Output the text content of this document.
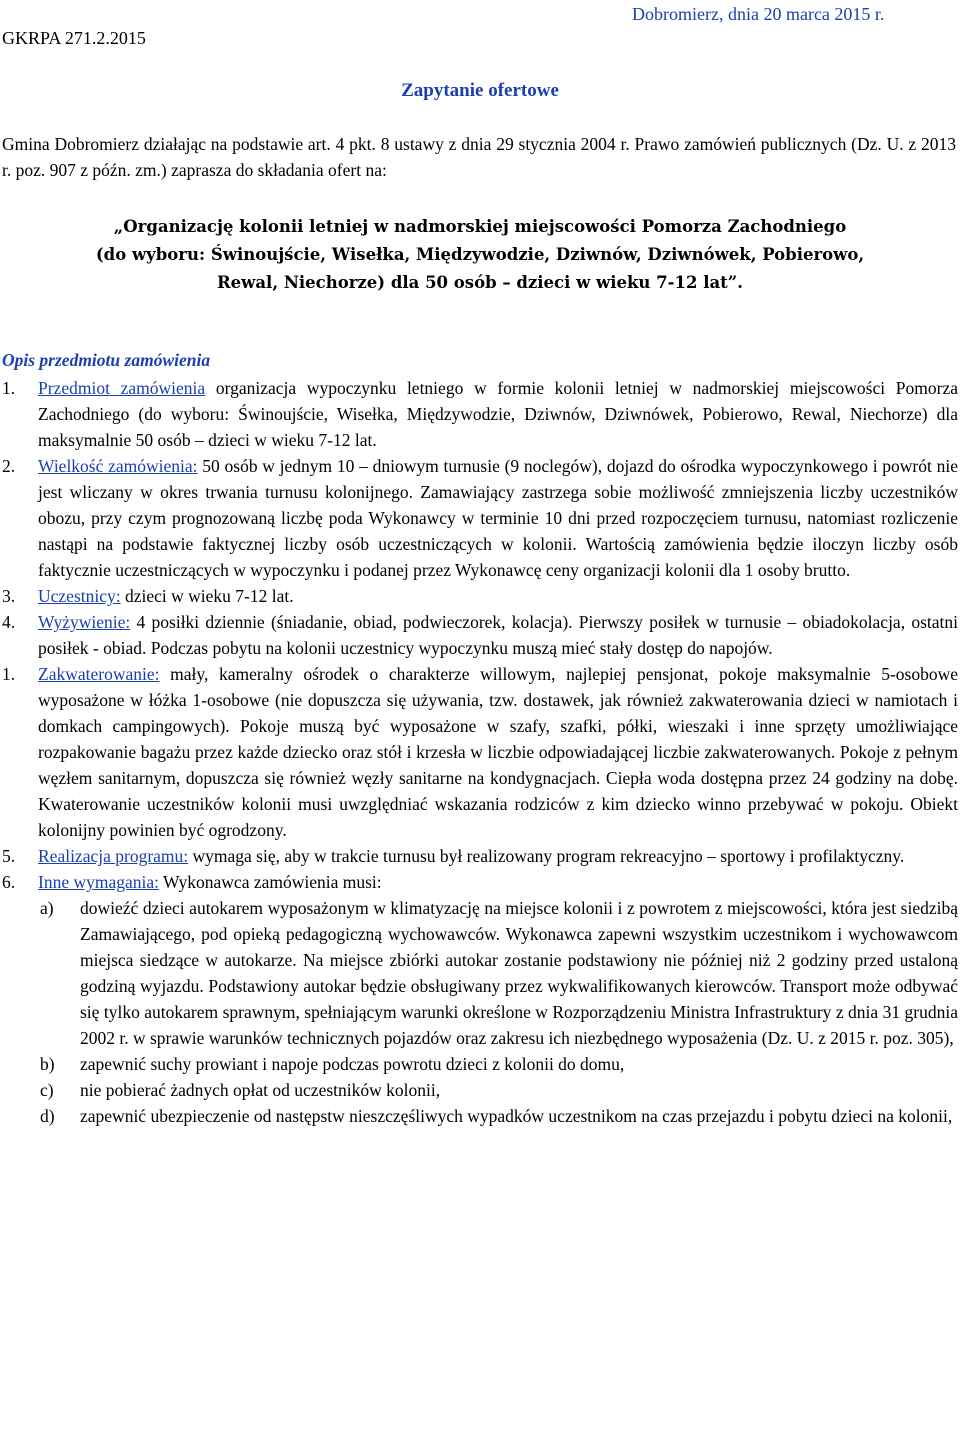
GKRPA 271.2.2015
Dobromierz, dnia 20 marca 2015 r.
Zapytanie ofertowe
Gmina Dobromierz działając na podstawie art. 4 pkt. 8 ustawy z dnia 29 stycznia 2004 r. Prawo zamówień publicznych (Dz. U. z 2013 r. poz. 907 z późn. zm.) zaprasza do składania ofert na:
„Organizację kolonii letniej w nadmorskiej miejscowości Pomorza Zachodniego
(do wyboru: Świnoujście, Wisełka, Międzywodzie, Dziwnów, Dziwnówek, Pobierowo,
Rewal, Niechorze) dla 50 osób – dzieci w wieku 7-12 lat”.
Opis przedmiotu zamówienia
1. Przedmiot zamówienia organizacja wypoczynku letniego w formie kolonii letniej w nadmorskiej miejscowości Pomorza Zachodniego (do wyboru: Świnoujście, Wisełka, Międzywodzie, Dziwnów, Dziwnówek, Pobierowo, Rewal, Niechorze) dla maksymalnie 50 osób – dzieci w wieku 7-12 lat.
2. Wielkość zamówienia: 50 osób w jednym 10 – dniowym turnusie (9 noclegów), dojazd do ośrodka wypoczynkowego i powrót nie jest wliczany w okres trwania turnusu kolonijnego. Zamawiający zastrzega sobie możliwość zmniejszenia liczby uczestników obozu, przy czym prognozowaną liczbę poda Wykonawcy w terminie 10 dni przed rozpoczęciem turnusu, natomiast rozliczenie nastąpi na podstawie faktycznej liczby osób uczestniczących w kolonii. Wartością zamówienia będzie iloczyn liczby osób faktycznie uczestniczących w wypoczynku i podanej przez Wykonawcę ceny organizacji kolonii dla 1 osoby brutto.
3. Uczestnicy: dzieci w wieku 7-12 lat.
4. Wyżywienie: 4 posiłki dziennie (śniadanie, obiad, podwieczorek, kolacja). Pierwszy posiłek w turnusie – obiadokolacja, ostatni posiłek - obiad. Podczas pobytu na kolonii uczestnicy wypoczynku muszą mieć stały dostęp do napojów.
1. Zakwaterowanie: mały, kameralny ośrodek o charakterze willowym, najlepiej pensjonat, pokoje maksymalnie 5-osobowe wyposażone w łóżka 1-osobowe (nie dopuszcza się używania, tzw. dostawek, jak również zakwaterowania dzieci w namiotach i domkach campingowych). Pokoje muszą być wyposażone w szafy, szafki, półki, wieszaki i inne sprzęty umożliwiające rozpakowanie bagażu przez każde dziecko oraz stół i krzesła w liczbie odpowiadającej liczbie zakwaterowanych. Pokoje z pełnym węzłem sanitarnym, dopuszcza się również węzły sanitarne na kondygnacjach. Ciepła woda dostępna przez 24 godziny na dobę. Kwaterowanie uczestników kolonii musi uwzględniać wskazania rodziców z kim dziecko winno przebywać w pokoju. Obiekt kolonijny powinien być ogrodzony.
5. Realizacja programu: wymaga się, aby w trakcie turnusu był realizowany program rekreacyjno – sportowy i profilaktyczny.
6. Inne wymagania: Wykonawca zamówienia musi:
a) dowieźć dzieci autokarem wyposażonym w klimatyzację na miejsce kolonii i z powrotem z miejscowości, która jest siedzibą Zamawiającego, pod opieką pedagogiczną wychowawców. Wykonawca zapewni wszystkim uczestnikom i wychowawcom miejsca siedzące w autokarze. Na miejsce zbiórki autokar zostanie podstawiony nie później niż 2 godziny przed ustaloną godziną wyjazdu. Podstawiony autokar będzie obsługiwany przez wykwalifikowanych kierowców. Transport może odbywać się tylko autokarem sprawnym, spełniającym warunki określone w Rozporządzeniu Ministra Infrastruktury z dnia 31 grudnia 2002 r. w sprawie warunków technicznych pojazdów oraz zakresu ich niezbędnego wyposażenia (Dz. U. z 2015 r. poz. 305),
b) zapewnić suchy prowiant i napoje podczas powrotu dzieci z kolonii do domu,
c) nie pobierać żadnych opłat od uczestników kolonii,
d) zapewnić ubezpieczenie od następstw nieszczęśliwych wypadków uczestnikom na czas przejazdu i pobytu dzieci na kolonii,
